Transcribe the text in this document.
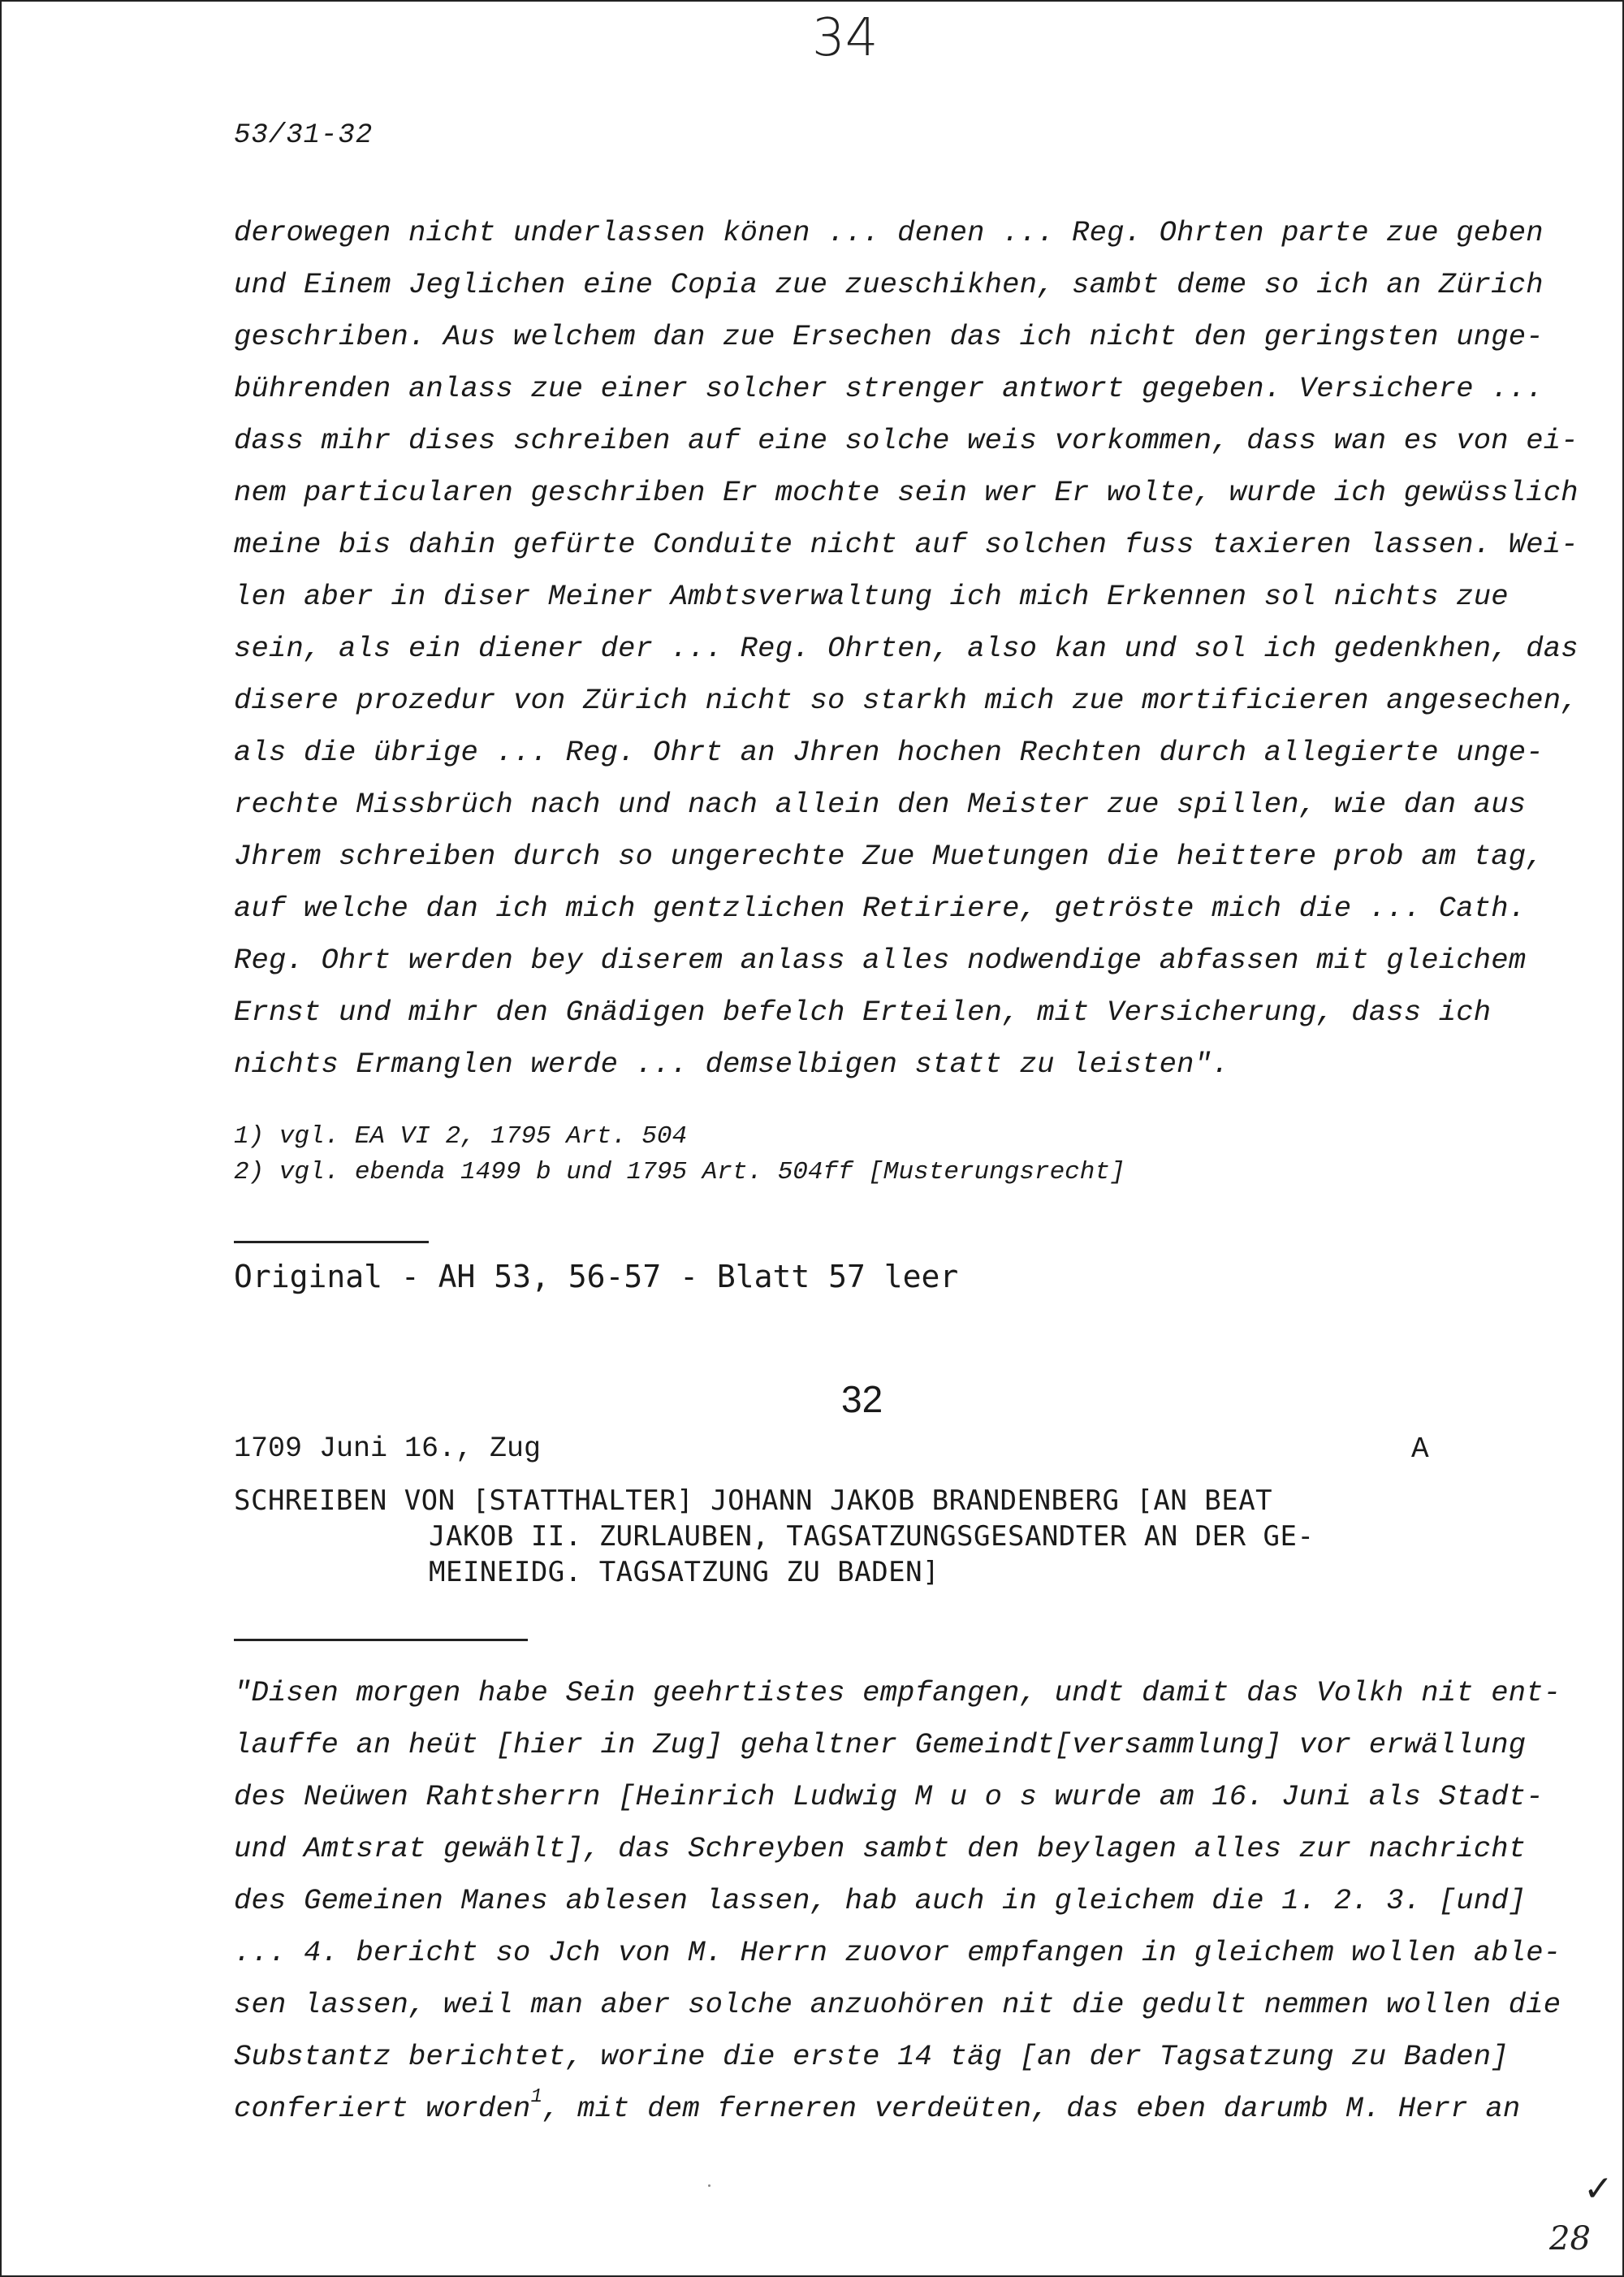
34
53/31-32
derowegen nicht underlassen könen ... denen ... Reg. Ohrten parte zue geben
und Einem Jeglichen eine Copia zue zueschikhen, sambt deme so ich an Zürich
geschriben. Aus welchem dan zue Ersechen das ich nicht den geringsten unge-
bührenden anlass zue einer solcher strenger antwort gegeben. Versichere ...
dass mihr dises schreiben auf eine solche weis vorkommen, dass wan es von ei-
nem particularen geschriben Er mochte sein wer Er wolte, wurde ich gewüsslich
meine bis dahin gefürte Conduite nicht auf solchen fuss taxieren lassen. Wei-
len aber in diser Meiner Ambtsverwaltung ich mich Erkennen sol nichts zue
sein, als ein diener der ... Reg. Ohrten, also kan und sol ich gedenkhen, das
disere prozedur von Zürich nicht so starkh mich zue mortificieren angesechen,
als die übrige ... Reg. Ohrt an Jhren hochen Rechten durch allegierte unge-
rechte Missbrüch nach und nach allein den Meister zue spillen, wie dan aus
Jhrem schreiben durch so ungerechte Zue Muetungen die heittere prob am tag,
auf welche dan ich mich gentzlichen Retiriere, getröste mich die ... Cath.
Reg. Ohrt werden bey diserem anlass alles nodwendige abfassen mit gleichem
Ernst und mihr den Gnädigen befelch Erteilen, mit Versicherung, dass ich
nichts Ermanglen werde ... demselbigen statt zu leisten".
1) vgl. EA VI 2, 1795 Art. 504
2) vgl. ebenda 1499 b und 1795 Art. 504ff [Musterungsrecht]
Original - AH 53, 56-57 - Blatt 57 leer
32
1709 Juni 16., Zug	A
SCHREIBEN VON [STATTHALTER] JOHANN JAKOB BRANDENBERG [AN BEAT
JAKOB II. ZURLAUBEN, TAGSATZUNGSGESANDTER AN DER GE-
MEINEIDG. TAGSATZUNG ZU BADEN]
"Disen morgen habe Sein geehrtistes empfangen, undt damit das Volkh nit ent-
lauffe an heüt [hier in Zug] gehaltner Gemeindt[versammlung] vor erwällung
des Neüwen Rahtsherrn [Heinrich Ludwig M u o s wurde am 16. Juni als Stadt-
und Amtsrat gewählt], das Schreyben sambt den beylagen alles zur nachricht
des Gemeinen Manes ablesen lassen, hab auch in gleichem die 1. 2. 3. [und]
... 4. bericht so Jch von M. Herrn zuovor empfangen in gleichem wollen able-
sen lassen, weil man aber solche anzuohören nit die gedult nemmen wollen die
Substantz berichtet, worine die erste 14 täg [an der Tagsatzung zu Baden]
conferiert worden$^1$, mit dem ferneren verdeüten, das eben darumb M. Herr an
✓
28
